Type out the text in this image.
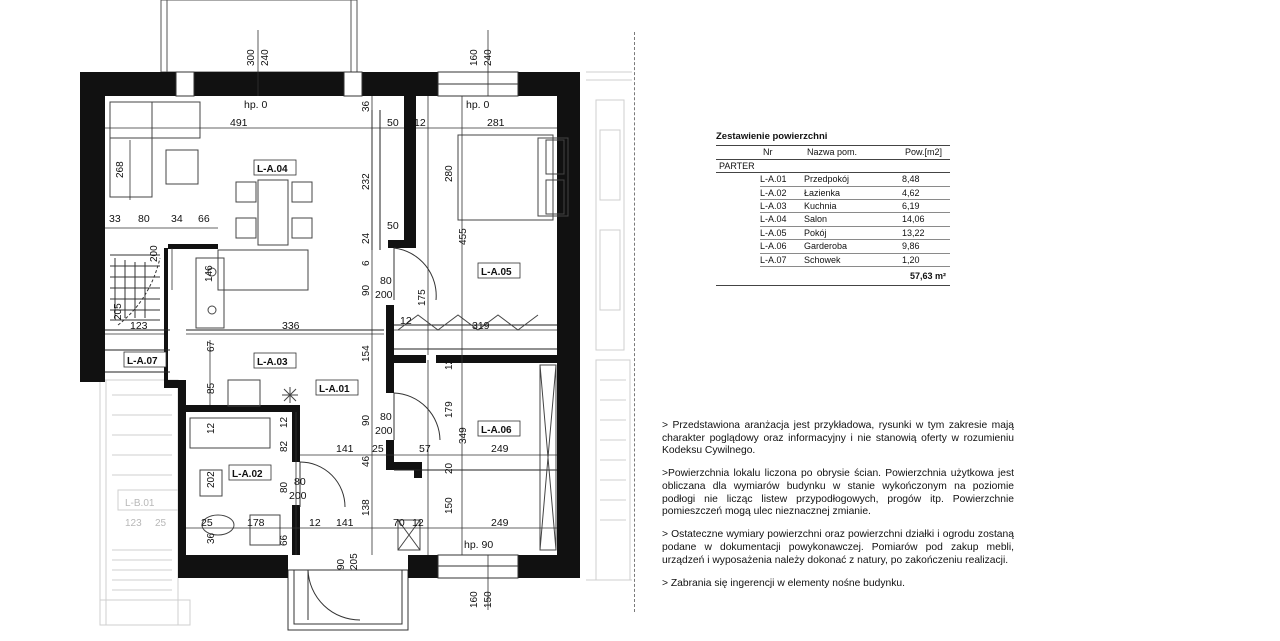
L-B.01
123 25
L-A.04
L-A.05
L-A.03
L-A.01
L-A.06
L-A.02
L-A.07
hp. 0	hp. 0
hp. 90
300 240	160 240
160 150
80
200
80
200
80
200
90 205
491	281
50 12
50
33 80 34 66
336
123	12	319
141 25	57	249
25	178	12 141	70 12	249
268
36
232
24
6
90
154
90
46
138
280
455
175
12
179
349
20
150
200
205
67
85
146
12
82
12
202
36	66
80
Zestawienie powierzchni
Nr	Nazwa pom.	Pow.[m2]
PARTER
L-A.01	Przedpokój	8,48
L-A.02	Łazienka	4,62
L-A.03	Kuchnia	6,19
L-A.04	Salon	14,06
L-A.05	Pokój	13,22
L-A.06	Garderoba	9,86
L-A.07	Schowek	1,20
57,63 m²

> Przedstawiona aranżacja jest przykładowa, rysunki w tym zakresie mają charakter poglądowy oraz informacyjny i nie stanowią oferty w rozumieniu Kodeksu Cywilnego.

>Powierzchnia lokalu liczona po obrysie ścian. Powierzchnia użytkowa jest obliczana dla wymiarów budynku w stanie wykończonym na poziomie podłogi nie licząc listew przypodłogowych, progów itp. Powierzchnie pomieszczeń mogą ulec nieznacznej zmianie.

> Ostateczne wymiary powierzchni oraz powierzchni działki i ogrodu zostaną podane w dokumentacji powykonawczej. Pomiarów pod zakup mebli, urządzeń i wyposażenia należy dokonać z natury, po zakończeniu realizacji.

> Zabrania się ingerencji w elementy nośne budynku.
